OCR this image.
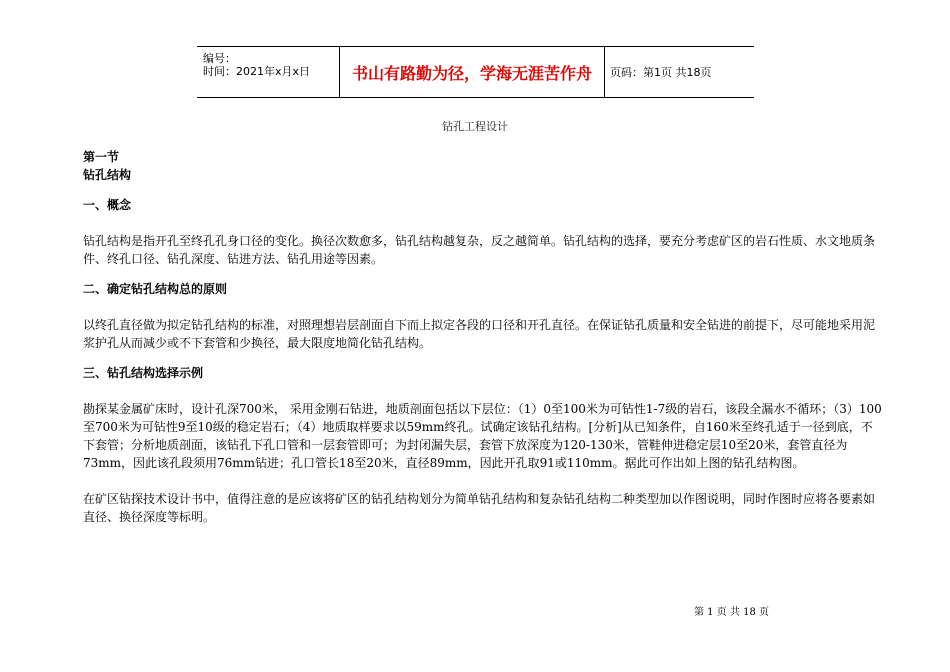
编号：
时间：2021年x月x日	书山有路勤为径，学海无涯苦作舟	页码：第1页 共18页
钻孔工程设计

第一节

钻孔结构

一、概念

钻孔结构是指开孔至终孔孔身口径的变化。换径次数愈多，钻孔结构越复杂，反之越简单。钻孔结构的选择，要充分考虑矿区的岩石性质、水文地质条件、终孔口径、钻孔深度、钻进方法、钻孔用途等因素。

二、确定钻孔结构总的原则

以终孔直径做为拟定钻孔结构的标准，对照理想岩层剖面自下而上拟定各段的口径和开孔直径。在保证钻孔质量和安全钻进的前提下，尽可能地采用泥浆护孔从而减少或不下套管和少换径，最大限度地简化钻孔结构。

三、钻孔结构选择示例

勘探某金属矿床时，设计孔深700米， 采用金刚石钻进，地质剖面包括以下层位：（1）0至100米为可钻性1-7级的岩石，该段全漏水不循环；（3）100至700米为可钻性9至10级的稳定岩石；（4）地质取样要求以59mm终孔。试确定该钻孔结构。[分析]从已知条件，自160米至终孔适于一径到底，不下套管；分析地质剖面，该钻孔下孔口管和一层套管即可；为封闭漏失层，套管下放深度为120-130米，管鞋伸进稳定层10至20米，套管直径为73mm，因此该孔段须用76mm钻进；孔口管长18至20米，直径89mm，因此开孔取91或110mm。据此可作出如上图的钻孔结构图。

在矿区钻探技术设计书中，值得注意的是应该将矿区的钻孔结构划分为简单钻孔结构和复杂钻孔结构二种类型加以作图说明，同时作图时应将各要素如直径、换径深度等标明。

第 1 页 共 18 页
